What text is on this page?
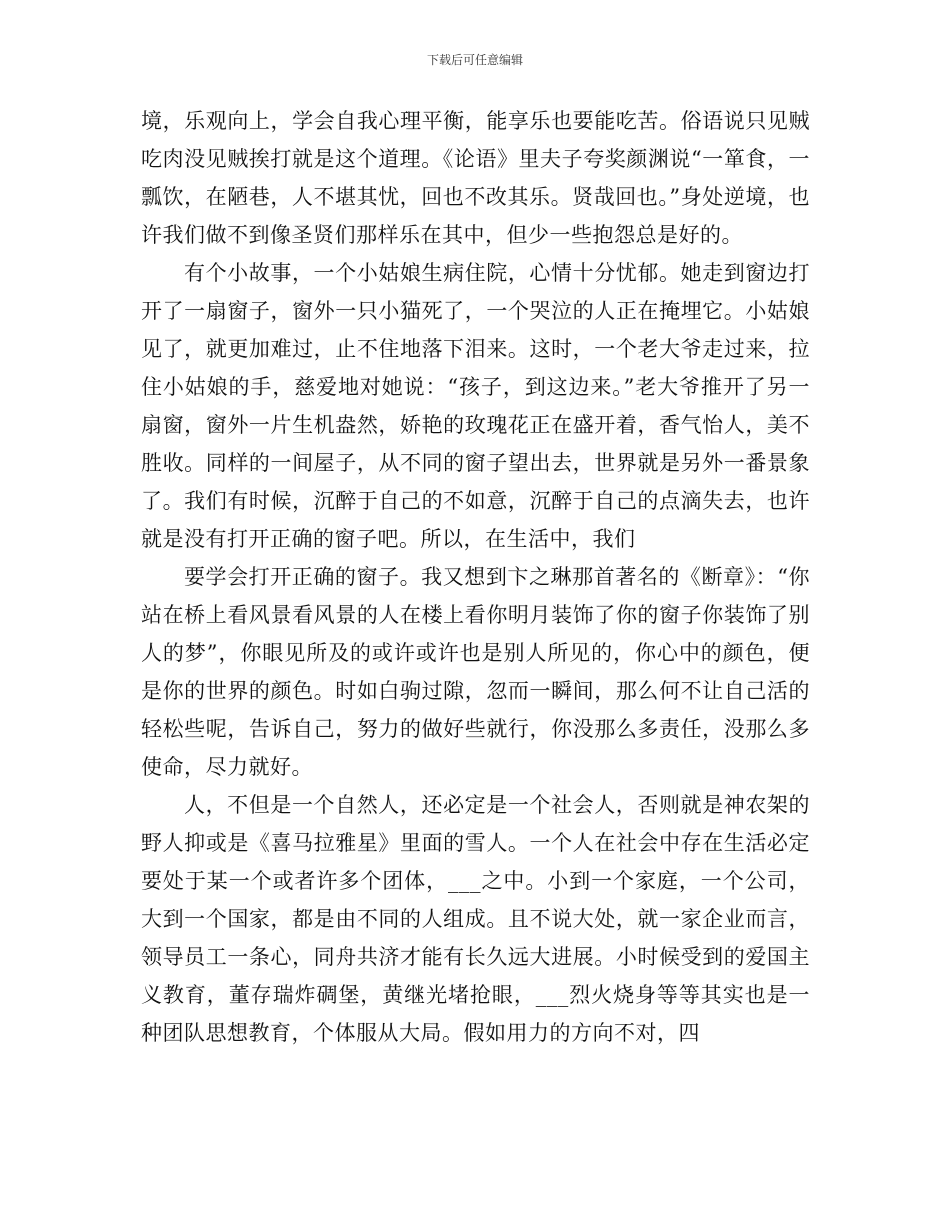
下载后可任意编辑

境，乐观向上，学会自我心理平衡，能享乐也要能吃苦。俗语说只见贼吃肉没见贼挨打就是这个道理。《论语》里夫子夸奖颜渊说“一箪食，一瓢饮，在陋巷，人不堪其忧，回也不改其乐。贤哉回也。”身处逆境，也许我们做不到像圣贤们那样乐在其中，但少一些抱怨总是好的。

有个小故事，一个小姑娘生病住院，心情十分忧郁。她走到窗边打开了一扇窗子，窗外一只小猫死了，一个哭泣的人正在掩埋它。小姑娘见了，就更加难过，止不住地落下泪来。这时，一个老大爷走过来，拉住小姑娘的手，慈爱地对她说：“孩子，到这边来。”老大爷推开了另一扇窗，窗外一片生机盎然，娇艳的玫瑰花正在盛开着，香气怡人，美不胜收。同样的一间屋子，从不同的窗子望出去，世界就是另外一番景象了。我们有时候，沉醉于自己的不如意，沉醉于自己的点滴失去，也许就是没有打开正确的窗子吧。所以，在生活中，我们

要学会打开正确的窗子。我又想到卞之琳那首著名的《断章》：“你站在桥上看风景看风景的人在楼上看你明月装饰了你的窗子你装饰了别人的梦”，你眼见所及的或许或许也是别人所见的，你心中的颜色，便是你的世界的颜色。时如白驹过隙，忽而一瞬间，那么何不让自己活的轻松些呢，告诉自己，努力的做好些就行，你没那么多责任，没那么多使命，尽力就好。

人，不但是一个自然人，还必定是一个社会人，否则就是神农架的野人抑或是《喜马拉雅星》里面的雪人。一个人在社会中存在生活必定要处于某一个或者许多个团体，___之中。小到一个家庭，一个公司，大到一个国家，都是由不同的人组成。且不说大处，就一家企业而言，领导员工一条心，同舟共济才能有长久远大进展。小时候受到的爱国主义教育，董存瑞炸碉堡，黄继光堵抢眼，___烈火烧身等等其实也是一种团队思想教育，个体服从大局。假如用力的方向不对，四
